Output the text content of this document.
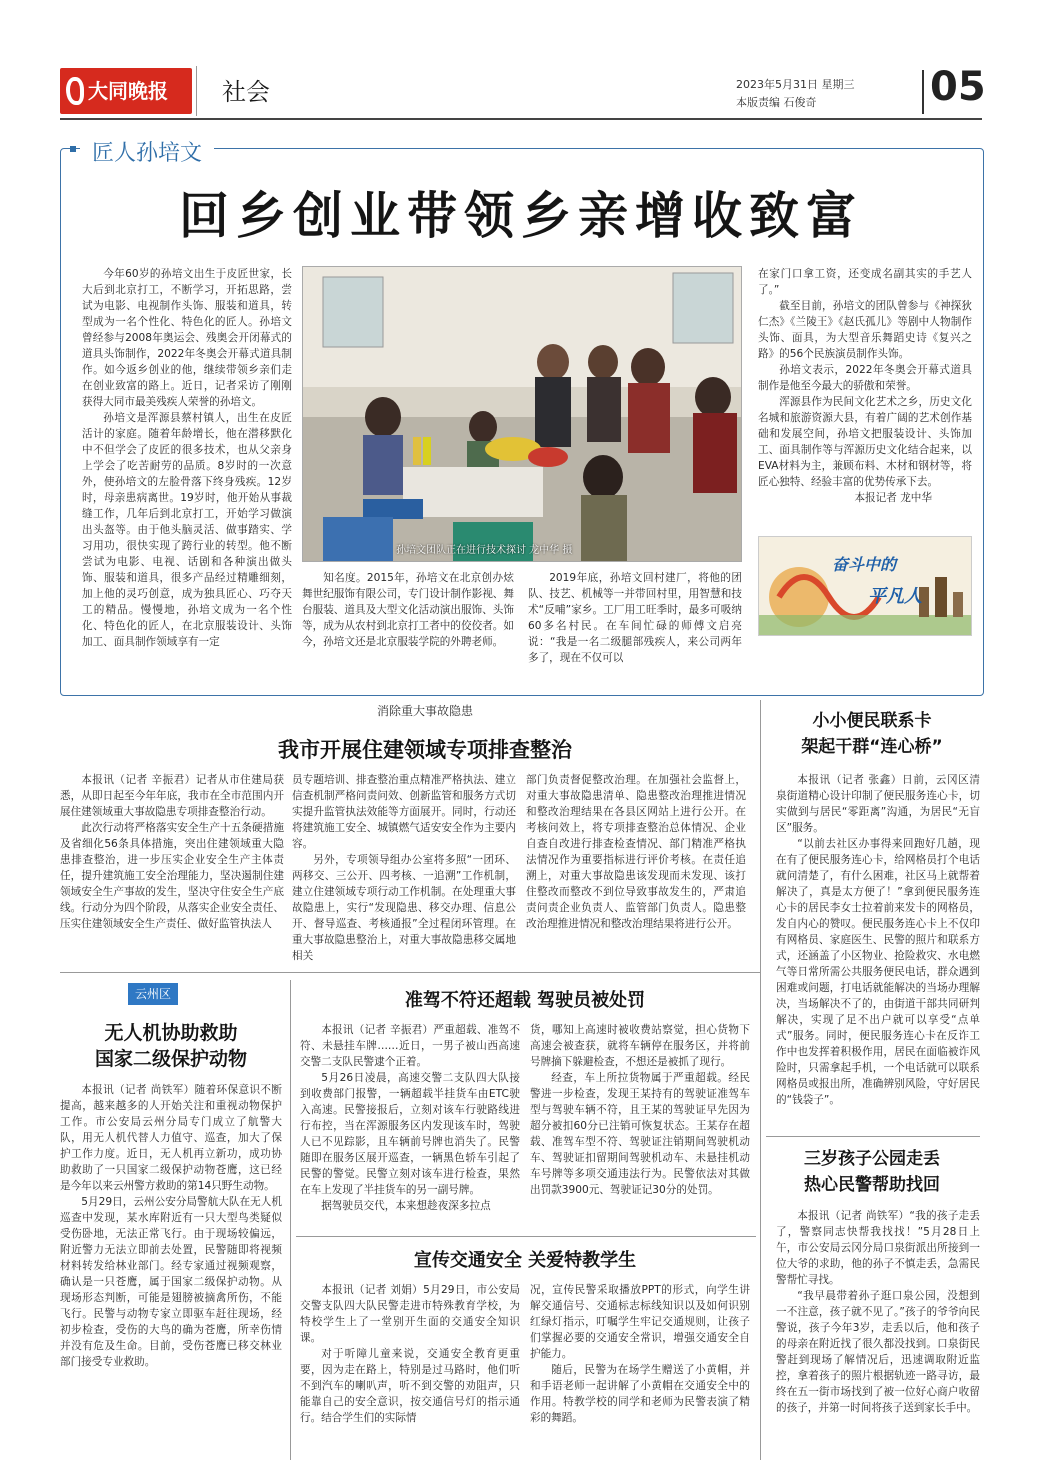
大同晚报	社会	2023年5月31日 星期三
本版责编 石俊奇	05
匠人孙培文
回乡创业带领乡亲增收致富

今年60岁的孙培文出生于皮匠世家，长大后到北京打工，不断学习，开拓思路，尝试为电影、电视制作头饰、服装和道具，转型成为一名个性化、特色化的匠人。孙培文曾经参与2008年奥运会、残奥会开闭幕式的道具头饰制作，2022年冬奥会开幕式道具制作。如今返乡创业的他，继续带领乡亲们走在创业致富的路上。近日，记者采访了刚刚获得大同市最美残疾人荣誉的孙培文。

孙培文是浑源县蔡村镇人，出生在皮匠活计的家庭。随着年龄增长，他在潜移默化中不但学会了皮匠的很多技术，也从父亲身上学会了吃苦耐劳的品质。8岁时的一次意外，使孙培文的左脸骨落下终身残疾。12岁时，母亲患病离世。19岁时，他开始从事裁缝工作，几年后到北京打工，开始学习做演出头盔等。由于他头脑灵活、做事踏实、学习用功，很快实现了跨行业的转型。他不断尝试为电影、电视、话剧和各种演出做头饰、服装和道具，很多产品经过精雕细刻，加上他的灵巧创意，成为独具匠心、巧夺天工的精品。慢慢地，孙培文成为一名个性化、特色化的匠人，在北京服装设计、头饰加工、面具制作领域享有一定

孙培文团队正在进行技术探讨 龙中华 摄

知名度。2015年，孙培文在北京创办炫舞世纪服饰有限公司，专门设计制作影视、舞台服装、道具及大型文化活动演出服饰、头饰等，成为从农村到北京打工者中的佼佼者。如今，孙培文还是北京服装学院的外聘老师。

2019年底，孙培文回村建厂，将他的团队、技艺、机械等一并带回村里，用智慧和技术“反哺”家乡。工厂用工旺季时，最多可吸纳60多名村民。在车间忙碌的师傅文启亮说：“我是一名二级腿部残疾人，来公司两年多了，现在不仅可以

在家门口拿工资，还变成名副其实的手艺人了。”

截至目前，孙培文的团队曾参与《神探狄仁杰》《兰陵王》《赵氏孤儿》等剧中人物制作头饰、面具，为大型音乐舞蹈史诗《复兴之路》的56个民族演员制作头饰。

孙培文表示，2022年冬奥会开幕式道具制作是他至今最大的骄傲和荣誉。

浑源县作为民间文化艺术之乡，历史文化名城和旅游资源大县，有着广阔的艺术创作基础和发展空间，孙培文把服装设计、头饰加工、面具制作等与浑源历史文化结合起来，以EVA材料为主，兼顾布料、木材和钢材等，将匠心独特、经验丰富的优势传承下去。

本报记者 龙中华

奋斗中的
平凡人
消除重大事故隐患
我市开展住建领域专项排查整治

本报讯（记者 辛振君）记者从市住建局获悉，从即日起至今年年底，我市在全市范围内开展住建领域重大事故隐患专项排查整治行动。

此次行动将严格落实安全生产十五条硬措施及省细化56条具体措施，突出住建领域重大隐患排查整治，进一步压实企业安全生产主体责任，提升建筑施工安全治理能力，坚决遏制住建领域安全生产事故的发生，坚决守住安全生产底线。行动分为四个阶段，从落实企业安全责任、压实住建领域安全生产责任、做好监管执法人

员专题培训、排查整治重点精准严格执法、建立信查机制严格问责问效、创新监管和服务方式切实提升监管执法效能等方面展开。同时，行动还将建筑施工安全、城镇燃气适安安全作为主要内容。

另外，专项领导组办公室将多照“一团环、两移交、三公开、四考核、一追溯”工作机制，建立住建领域专项行动工作机制。在处理重大事故隐患上，实行“发现隐患、移交办理、信息公开、督导巡查、考核通报”全过程闭环管理。在重大事故隐患整治上，对重大事故隐患移交属地相关

部门负责督促整改治理。在加强社会监督上，对重大事故隐患清单、隐患整改治理推进情况和整改治理结果在各县区网站上进行公开。在考核问效上，将专项排查整治总体情况、企业自查自改进行排查检查情况、部门精准严格执法情况作为重要指标进行评价考核。在责任追溯上，对重大事故隐患该发现而未发现、该打住整改而整改不到位导致事故发生的，严肃追责问责企业负责人、监管部门负责人。隐患整改治理推进情况和整改治理结果将进行公开。

小小便民联系卡
架起干群“连心桥”

本报讯（记者 张鑫）日前，云冈区清泉街道精心设计印制了便民服务连心卡，切实做到与居民“零距离”沟通，为居民“无盲区”服务。

“以前去社区办事得来回跑好几趟，现在有了便民服务连心卡，给网格员打个电话就问清楚了，有什么困难，社区马上就帮着解决了，真是太方便了！”拿到便民服务连心卡的居民李女士拉着前来发卡的网格员，发自内心的赞叹。便民服务连心卡上不仅印有网格员、家庭医生、民警的照片和联系方式，还涵盖了小区物业、抢险救灾、水电燃气等日常所需公共服务便民电话，群众遇到困难或问题，打电话就能解决的当场办理解决，当场解决不了的，由街道干部共同研判解决，实现了足不出户就可以享受“点单式”服务。同时，便民服务连心卡在反诈工作中也发挥着积极作用，居民在面临被诈风险时，只需拿起手机，一个电话就可以联系网格员或报出所，准确辨别风险，守好居民的“钱袋子”。

云州区
无人机协助救助
国家二级保护动物

本报讯（记者 尚铁军）随着环保意识不断提高，越来越多的人开始关注和重视动物保护工作。市公安局云州分局专门成立了航警大队，用无人机代替人力值守、巡查，加大了保护工作力度。近日，无人机再立新功，成功协助救助了一只国家二级保护动物苍鹰，这已经是今年以来云州警方救助的第14只野生动物。

5月29日，云州公安分局警航大队在无人机巡查中发现，某水库附近有一只大型鸟类疑似受伤卧地，无法正常飞行。由于现场较偏远，附近警力无法立即前去处置，民警随即将视频材料转发给林业部门。经专家通过视频观察，确认是一只苍鹰，属于国家二级保护动物。从现场形态判断，可能是翅膀被摘禽所伤，不能飞行。民警与动物专家立即驱车赶往现场，经初步检查，受伤的大鸟的确为苍鹰，所幸伤情并没有危及生命。目前，受伤苍鹰已移交林业部门接受专业救助。

准驾不符还超载 驾驶员被处罚

本报讯（记者 辛振君）严重超载、准驾不符、未悬挂车牌……近日，一男子被山西高速交警二支队民警逮个正着。

5月26日凌晨，高速交警二支队四大队接到收费部门报警，一辆超载半挂货车由ETC驶入高速。民警接报后，立刻对该车行驶路线进行布控，当在浑源服务区内发现该车时，驾驶人已不见踪影，且车辆前号牌也消失了。民警随即在服务区展开巡查，一辆黑色轿车引起了民警的警觉。民警立刻对该车进行检查，果然在车上发现了半挂货车的另一副号牌。

据驾驶员交代，本来想趁夜深多拉点

货，哪知上高速时被收费站察觉，担心货物下高速会被查获，就将车辆停在服务区，并将前号牌摘下躲避检查，不想还是被抓了现行。

经查，车上所拉货物属于严重超载。经民警进一步检查，发现王某持有的驾驶证准驾车型与驾驶车辆不符，且王某的驾驶证早先因为超分被扣60分已注销可恢复状态。王某存在超载、准驾车型不符、驾驶证注销期间驾驶机动车、驾驶证扣留期间驾驶机动车、未悬挂机动车号牌等多项交通违法行为。民警依法对其做出罚款3900元、驾驶证记30分的处罚。

宣传交通安全 关爱特教学生

本报讯（记者 刘娟）5月29日，市公安局交警支队四大队民警走进市特殊教育学校，为特校学生上了一堂别开生面的交通安全知识课。

对于听障儿童来说，交通安全教育更重要，因为走在路上，特别是过马路时，他们听不到汽车的喇叭声，听不到交警的劝阻声，只能靠自己的安全意识，按交通信号灯的指示通行。结合学生们的实际情

况，宣传民警采取播放PPT的形式，向学生讲解交通信号、交通标志标线知识以及如何识别红绿灯指示，叮嘱学生牢记交通规则，让孩子们掌握必要的交通安全常识，增强交通安全自护能力。

随后，民警为在场学生赠送了小黄帽，并和手语老师一起讲解了小黄帽在交通安全中的作用。特教学校的同学和老师为民警表演了精彩的舞蹈。

三岁孩子公园走丢
热心民警帮助找回

本报讯（记者 尚铁军）“我的孩子走丢了，警察同志快帮我找找！”5月28日上午，市公安局云冈分局口泉街派出所接到一位大爷的求助，他的孙子不慎走丢，急需民警帮忙寻找。

“我早晨带着孙子逛口泉公园，没想到一不注意，孩子就不见了。”孩子的爷爷向民警说，孩子今年3岁，走丢以后，他和孩子的母亲在附近找了很久都没找到。口泉街民警赶到现场了解情况后，迅速调取附近监控，拿着孩子的照片根据轨迹一路寻访，最终在五一街市场找到了被一位好心商户收留的孩子，并第一时间将孩子送到家长手中。
